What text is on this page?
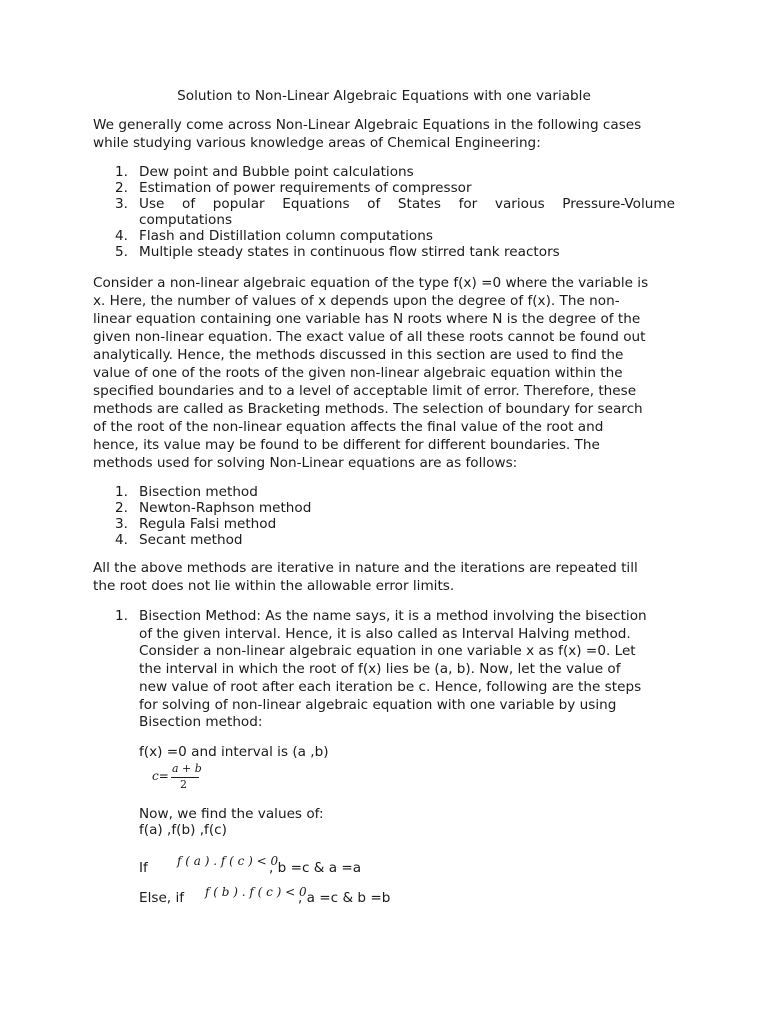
Solution to Non-Linear Algebraic Equations with one variable

We generally come across Non-Linear Algebraic Equations in the following cases
while studying various knowledge areas of Chemical Engineering:

1. Dew point and Bubble point calculations
2. Estimation of power requirements of compressor
3. Use of popular Equations of States for various Pressure-Volume
computations
4. Flash and Distillation column computations
5. Multiple steady states in continuous flow stirred tank reactors

Consider a non-linear algebraic equation of the type f(x) =0 where the variable is
x. Here, the number of values of x depends upon the degree of f(x). The non-
linear equation containing one variable has N roots where N is the degree of the
given non-linear equation. The exact value of all these roots cannot be found out
analytically. Hence, the methods discussed in this section are used to find the
value of one of the roots of the given non-linear algebraic equation within the
specified boundaries and to a level of acceptable limit of error. Therefore, these
methods are called as Bracketing methods. The selection of boundary for search
of the root of the non-linear equation affects the final value of the root and
hence, its value may be found to be different for different boundaries. The
methods used for solving Non-Linear equations are as follows:

1. Bisection method
2. Newton-Raphson method
3. Regula Falsi method
4. Secant method

All the above methods are iterative in nature and the iterations are repeated till
the root does not lie within the allowable error limits.

1. Bisection Method: As the name says, it is a method involving the bisection
of the given interval. Hence, it is also called as Interval Halving method.
Consider a non-linear algebraic equation in one variable x as f(x) =0. Let
the interval in which the root of f(x) lies be (a, b). Now, let the value of
new value of root after each iteration be c. Hence, following are the steps
for solving of non-linear algebraic equation with one variable by using
Bisection method:
f(x) =0 and interval is (a ,b)
c=
a + b
2
Now, we find the values of:
f(a) ,f(b) ,f(c)
If f ( a ) . f ( c ) < 0
, b =c & a =a
Else, if f ( b ) . f ( c ) < 0
, a =c & b =b
